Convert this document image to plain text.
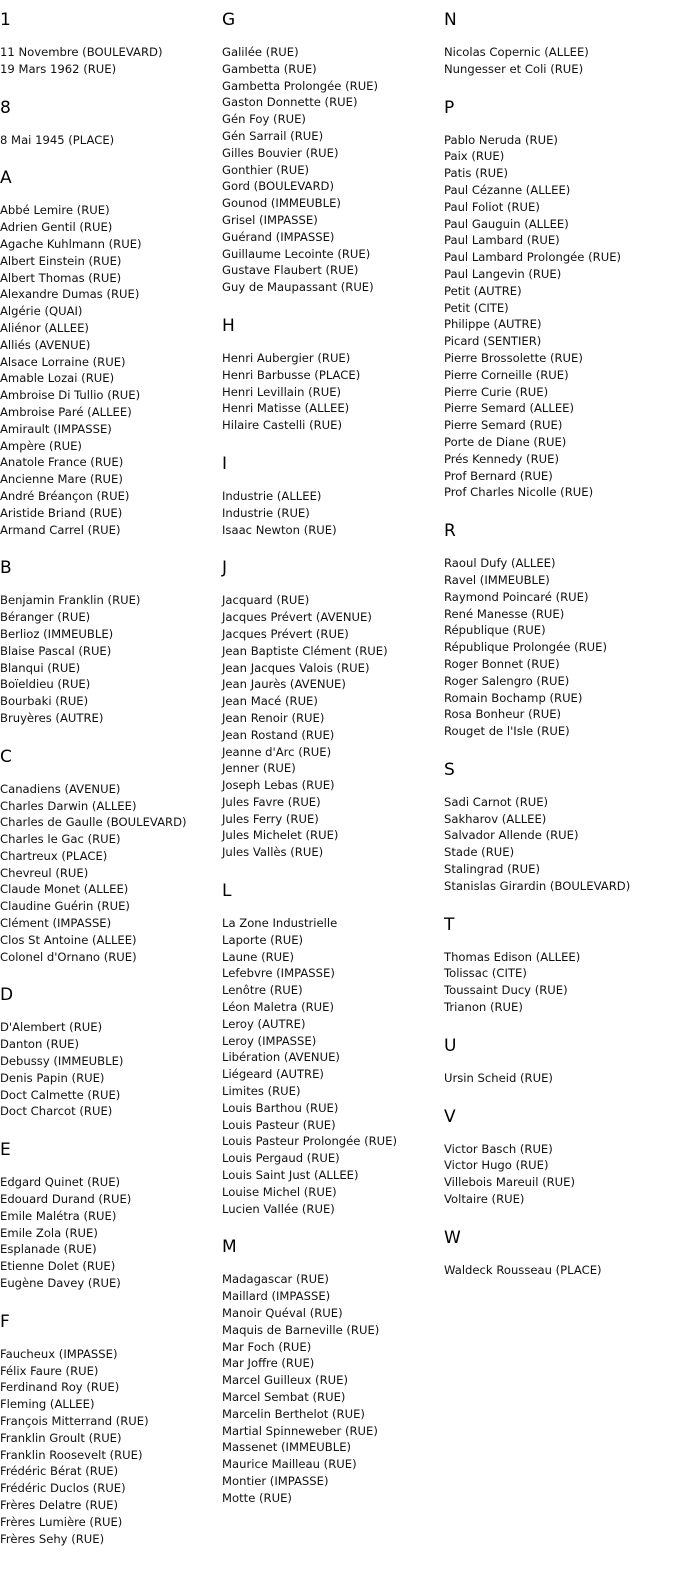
1
11 Novembre (BOULEVARD)
19 Mars 1962 (RUE)
8
8 Mai 1945 (PLACE)
A
Abbé Lemire (RUE)
Adrien Gentil (RUE)
Agache Kuhlmann (RUE)
Albert Einstein (RUE)
Albert Thomas (RUE)
Alexandre Dumas (RUE)
Algérie (QUAI)
Aliénor (ALLEE)
Alliés (AVENUE)
Alsace Lorraine (RUE)
Amable Lozai (RUE)
Ambroise Di Tullio (RUE)
Ambroise Paré (ALLEE)
Amirault (IMPASSE)
Ampère (RUE)
Anatole France (RUE)
Ancienne Mare (RUE)
André Bréançon (RUE)
Aristide Briand (RUE)
Armand Carrel (RUE)
B
Benjamin Franklin (RUE)
Béranger (RUE)
Berlioz (IMMEUBLE)
Blaise Pascal (RUE)
Blanqui (RUE)
Boïeldieu (RUE)
Bourbaki (RUE)
Bruyères (AUTRE)
C
Canadiens (AVENUE)
Charles Darwin (ALLEE)
Charles de Gaulle (BOULEVARD)
Charles le Gac (RUE)
Chartreux (PLACE)
Chevreul (RUE)
Claude Monet (ALLEE)
Claudine Guérin (RUE)
Clément (IMPASSE)
Clos St Antoine (ALLEE)
Colonel d'Ornano (RUE)
D
D'Alembert (RUE)
Danton (RUE)
Debussy (IMMEUBLE)
Denis Papin (RUE)
Doct Calmette (RUE)
Doct Charcot (RUE)
E
Edgard Quinet (RUE)
Edouard Durand (RUE)
Emile Malétra (RUE)
Emile Zola (RUE)
Esplanade (RUE)
Etienne Dolet (RUE)
Eugène Davey (RUE)
F
Faucheux (IMPASSE)
Félix Faure (RUE)
Ferdinand Roy (RUE)
Fleming (ALLEE)
François Mitterrand (RUE)
Franklin Groult (RUE)
Franklin Roosevelt (RUE)
Frédéric Bérat (RUE)
Frédéric Duclos (RUE)
Frères Delatre (RUE)
Frères Lumière (RUE)
Frères Sehy (RUE)
G
Galilée (RUE)
Gambetta (RUE)
Gambetta Prolongée (RUE)
Gaston Donnette (RUE)
Gén Foy (RUE)
Gén Sarrail (RUE)
Gilles Bouvier (RUE)
Gonthier (RUE)
Gord (BOULEVARD)
Gounod (IMMEUBLE)
Grisel (IMPASSE)
Guérand (IMPASSE)
Guillaume Lecointe (RUE)
Gustave Flaubert (RUE)
Guy de Maupassant (RUE)
H
Henri Aubergier (RUE)
Henri Barbusse (PLACE)
Henri Levillain (RUE)
Henri Matisse (ALLEE)
Hilaire Castelli (RUE)
I
Industrie (ALLEE)
Industrie (RUE)
Isaac Newton (RUE)
J
Jacquard (RUE)
Jacques Prévert (AVENUE)
Jacques Prévert (RUE)
Jean Baptiste Clément (RUE)
Jean Jacques Valois (RUE)
Jean Jaurès (AVENUE)
Jean Macé (RUE)
Jean Renoir (RUE)
Jean Rostand (RUE)
Jeanne d'Arc (RUE)
Jenner (RUE)
Joseph Lebas (RUE)
Jules Favre (RUE)
Jules Ferry (RUE)
Jules Michelet (RUE)
Jules Vallès (RUE)
L
La Zone Industrielle
Laporte (RUE)
Laune (RUE)
Lefebvre (IMPASSE)
Lenôtre (RUE)
Léon Maletra (RUE)
Leroy (AUTRE)
Leroy (IMPASSE)
Libération (AVENUE)
Liégeard (AUTRE)
Limites (RUE)
Louis Barthou (RUE)
Louis Pasteur (RUE)
Louis Pasteur Prolongée (RUE)
Louis Pergaud (RUE)
Louis Saint Just (ALLEE)
Louise Michel (RUE)
Lucien Vallée (RUE)
M
Madagascar (RUE)
Maillard (IMPASSE)
Manoir Quéval (RUE)
Maquis de Barneville (RUE)
Mar Foch (RUE)
Mar Joffre (RUE)
Marcel Guilleux (RUE)
Marcel Sembat (RUE)
Marcelin Berthelot (RUE)
Martial Spinneweber (RUE)
Massenet (IMMEUBLE)
Maurice Mailleau (RUE)
Montier (IMPASSE)
Motte (RUE)
N
Nicolas Copernic (ALLEE)
Nungesser et Coli (RUE)
P
Pablo Neruda (RUE)
Paix (RUE)
Patis (RUE)
Paul Cézanne (ALLEE)
Paul Foliot (RUE)
Paul Gauguin (ALLEE)
Paul Lambard (RUE)
Paul Lambard Prolongée (RUE)
Paul Langevin (RUE)
Petit (AUTRE)
Petit (CITE)
Philippe (AUTRE)
Picard (SENTIER)
Pierre Brossolette (RUE)
Pierre Corneille (RUE)
Pierre Curie (RUE)
Pierre Semard (ALLEE)
Pierre Semard (RUE)
Porte de Diane (RUE)
Prés Kennedy (RUE)
Prof Bernard (RUE)
Prof Charles Nicolle (RUE)
R
Raoul Dufy (ALLEE)
Ravel (IMMEUBLE)
Raymond Poincaré (RUE)
René Manesse (RUE)
République (RUE)
République Prolongée (RUE)
Roger Bonnet (RUE)
Roger Salengro (RUE)
Romain Bochamp (RUE)
Rosa Bonheur (RUE)
Rouget de l'Isle (RUE)
S
Sadi Carnot (RUE)
Sakharov (ALLEE)
Salvador Allende (RUE)
Stade (RUE)
Stalingrad (RUE)
Stanislas Girardin (BOULEVARD)
T
Thomas Edison (ALLEE)
Tolissac (CITE)
Toussaint Ducy (RUE)
Trianon (RUE)
U
Ursin Scheid (RUE)
V
Victor Basch (RUE)
Victor Hugo (RUE)
Villebois Mareuil (RUE)
Voltaire (RUE)
W
Waldeck Rousseau (PLACE)
